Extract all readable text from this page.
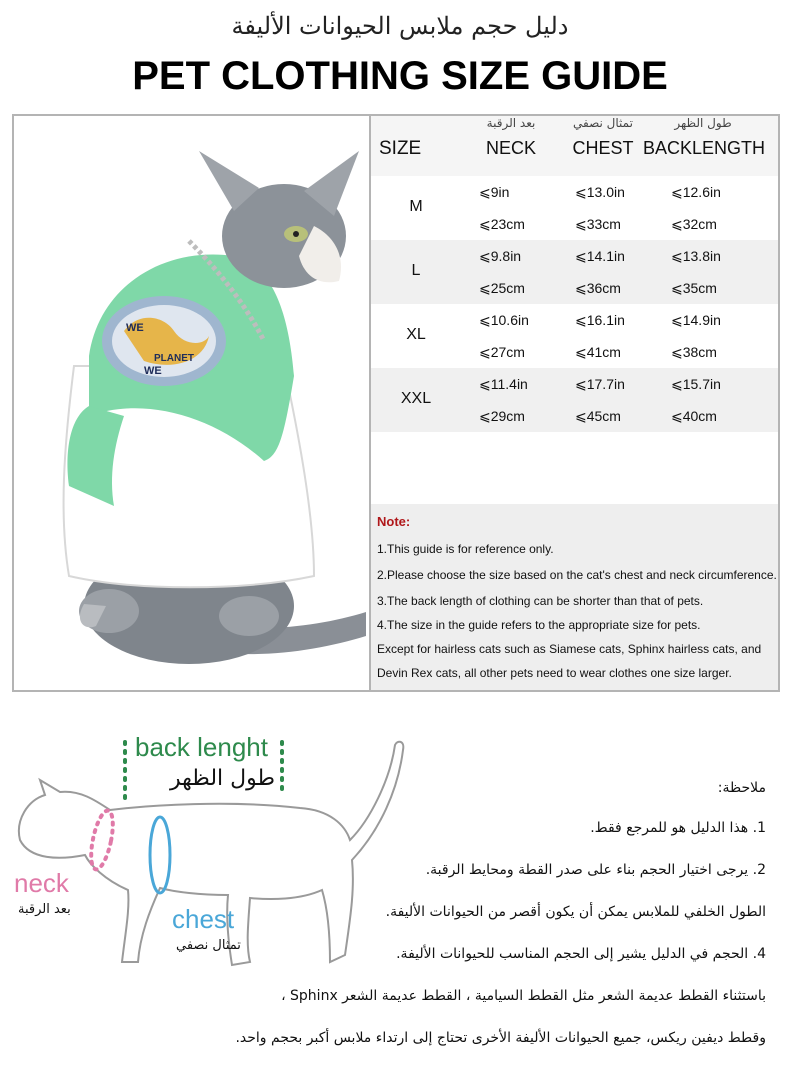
دليل حجم ملابس الحيوانات الأليفة
PET CLOTHING SIZE GUIDE
WE
PLANET
WE
SIZE
بعد الرقبة
NECK
تمثال نصفي
CHEST
طول الظهر
BACKLENGTH
M
⩽9in
⩽23cm
⩽13.0in
⩽33cm
⩽12.6in
⩽32cm
L
⩽9.8in
⩽25cm
⩽14.1in
⩽36cm
⩽13.8in
⩽35cm
XL
⩽10.6in
⩽27cm
⩽16.1in
⩽41cm
⩽14.9in
⩽38cm
XXL
⩽11.4in
⩽29cm
⩽17.7in
⩽45cm
⩽15.7in
⩽40cm
Note:
1.This guide is for reference only.
2.Please choose the size based on the cat's chest and neck circumference.
3.The back length of clothing can be shorter than that of pets.
4.The size in the guide refers to the appropriate size for pets.
Except for hairless cats such as Siamese cats, Sphinx hairless cats, and
Devin Rex cats, all other pets need to wear clothes one size larger.
back lenght
طول الظهر
neck
بعد الرقبة	chest
تمثال نصفي
ملاحظة:
1. هذا الدليل هو للمرجع فقط.
2. يرجى اختيار الحجم بناء على صدر القطة ومحايط الرقبة.
الطول الخلفي للملابس يمكن أن يكون أقصر من الحيوانات الأليفة.
4. الحجم في الدليل يشير إلى الحجم المناسب للحيوانات الأليفة.
باستثناء القطط عديمة الشعر مثل القطط السيامية ، القطط عديمة الشعر Sphinx ،
وقطط ديفين ريكس، جميع الحيوانات الأليفة الأخرى تحتاج إلى ارتداء ملابس أكبر بحجم واحد.
